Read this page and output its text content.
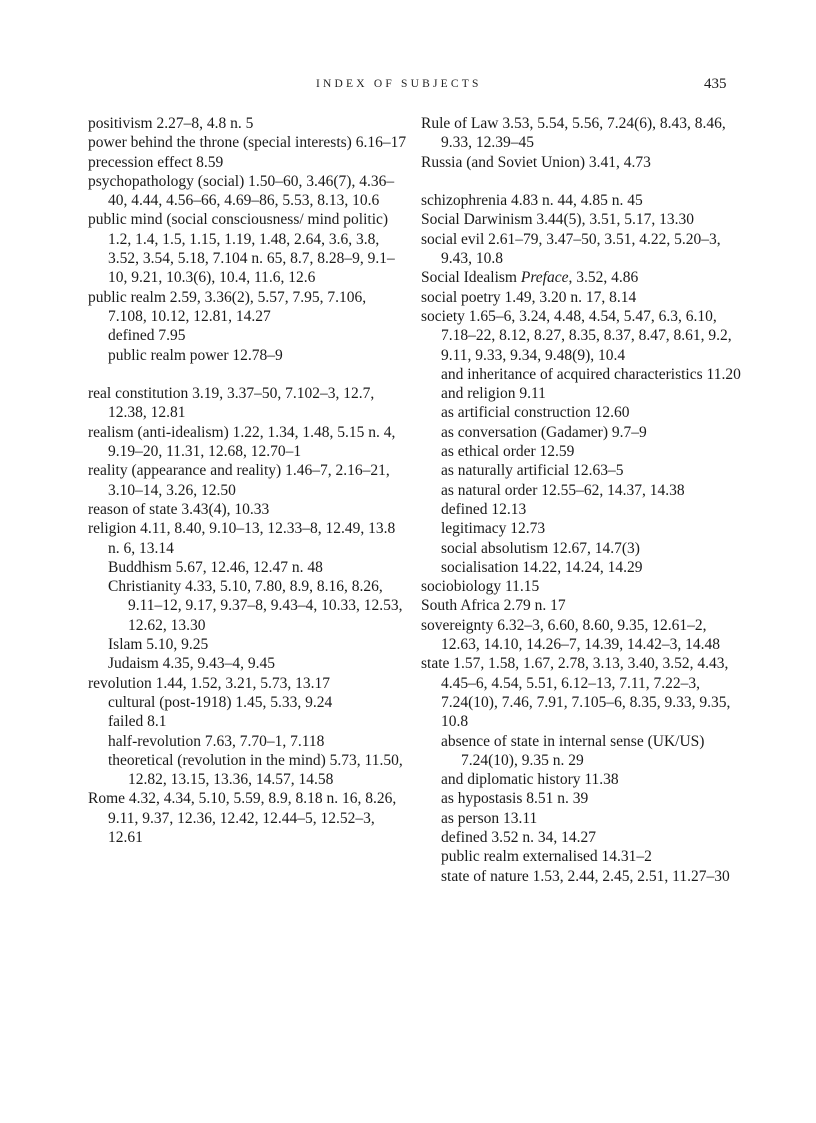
INDEX OF SUBJECTS	435
positivism 2.27–8, 4.8 n. 5
power behind the throne (special interests) 6.16–17
precession effect 8.59
psychopathology (social) 1.50–60, 3.46(7), 4.36–40, 4.44, 4.56–66, 4.69–86, 5.53, 8.13, 10.6
public mind (social consciousness/ mind politic) 1.2, 1.4, 1.5, 1.15, 1.19, 1.48, 2.64, 3.6, 3.8, 3.52, 3.54, 5.18, 7.104 n. 65, 8.7, 8.28–9, 9.1–10, 9.21, 10.3(6), 10.4, 11.6, 12.6
public realm 2.59, 3.36(2), 5.57, 7.95, 7.106, 7.108, 10.12, 12.81, 14.27
defined 7.95
public realm power 12.78–9
real constitution 3.19, 3.37–50, 7.102–3, 12.7, 12.38, 12.81
realism (anti-idealism) 1.22, 1.34, 1.48, 5.15 n. 4, 9.19–20, 11.31, 12.68, 12.70–1
reality (appearance and reality) 1.46–7, 2.16–21, 3.10–14, 3.26, 12.50
reason of state 3.43(4), 10.33
religion 4.11, 8.40, 9.10–13, 12.33–8, 12.49, 13.8 n. 6, 13.14
Buddhism 5.67, 12.46, 12.47 n. 48
Christianity 4.33, 5.10, 7.80, 8.9, 8.16, 8.26, 9.11–12, 9.17, 9.37–8, 9.43–4, 10.33, 12.53, 12.62, 13.30
Islam 5.10, 9.25
Judaism 4.35, 9.43–4, 9.45
revolution 1.44, 1.52, 3.21, 5.73, 13.17
cultural (post-1918) 1.45, 5.33, 9.24
failed 8.1
half-revolution 7.63, 7.70–1, 7.118
theoretical (revolution in the mind) 5.73, 11.50, 12.82, 13.15, 13.36, 14.57, 14.58
Rome 4.32, 4.34, 5.10, 5.59, 8.9, 8.18 n. 16, 8.26, 9.11, 9.37, 12.36, 12.42, 12.44–5, 12.52–3, 12.61
Rule of Law 3.53, 5.54, 5.56, 7.24(6), 8.43, 8.46, 9.33, 12.39–45
Russia (and Soviet Union) 3.41, 4.73
schizophrenia 4.83 n. 44, 4.85 n. 45
Social Darwinism 3.44(5), 3.51, 5.17, 13.30
social evil 2.61–79, 3.47–50, 3.51, 4.22, 5.20–3, 9.43, 10.8
Social Idealism Preface, 3.52, 4.86
social poetry 1.49, 3.20 n. 17, 8.14
society 1.65–6, 3.24, 4.48, 4.54, 5.47, 6.3, 6.10, 7.18–22, 8.12, 8.27, 8.35, 8.37, 8.47, 8.61, 9.2, 9.11, 9.33, 9.34, 9.48(9), 10.4
and inheritance of acquired characteristics 11.20
and religion 9.11
as artificial construction 12.60
as conversation (Gadamer) 9.7–9
as ethical order 12.59
as naturally artificial 12.63–5
as natural order 12.55–62, 14.37, 14.38
defined 12.13
legitimacy 12.73
social absolutism 12.67, 14.7(3)
socialisation 14.22, 14.24, 14.29
sociobiology 11.15
South Africa 2.79 n. 17
sovereignty 6.32–3, 6.60, 8.60, 9.35, 12.61–2, 12.63, 14.10, 14.26–7, 14.39, 14.42–3, 14.48
state 1.57, 1.58, 1.67, 2.78, 3.13, 3.40, 3.52, 4.43, 4.45–6, 4.54, 5.51, 6.12–13, 7.11, 7.22–3, 7.24(10), 7.46, 7.91, 7.105–6, 8.35, 9.33, 9.35, 10.8
absence of state in internal sense (UK/US) 7.24(10), 9.35 n. 29
and diplomatic history 11.38
as hypostasis 8.51 n. 39
as person 13.11
defined 3.52 n. 34, 14.27
public realm externalised 14.31–2
state of nature 1.53, 2.44, 2.45, 2.51, 11.27–30
